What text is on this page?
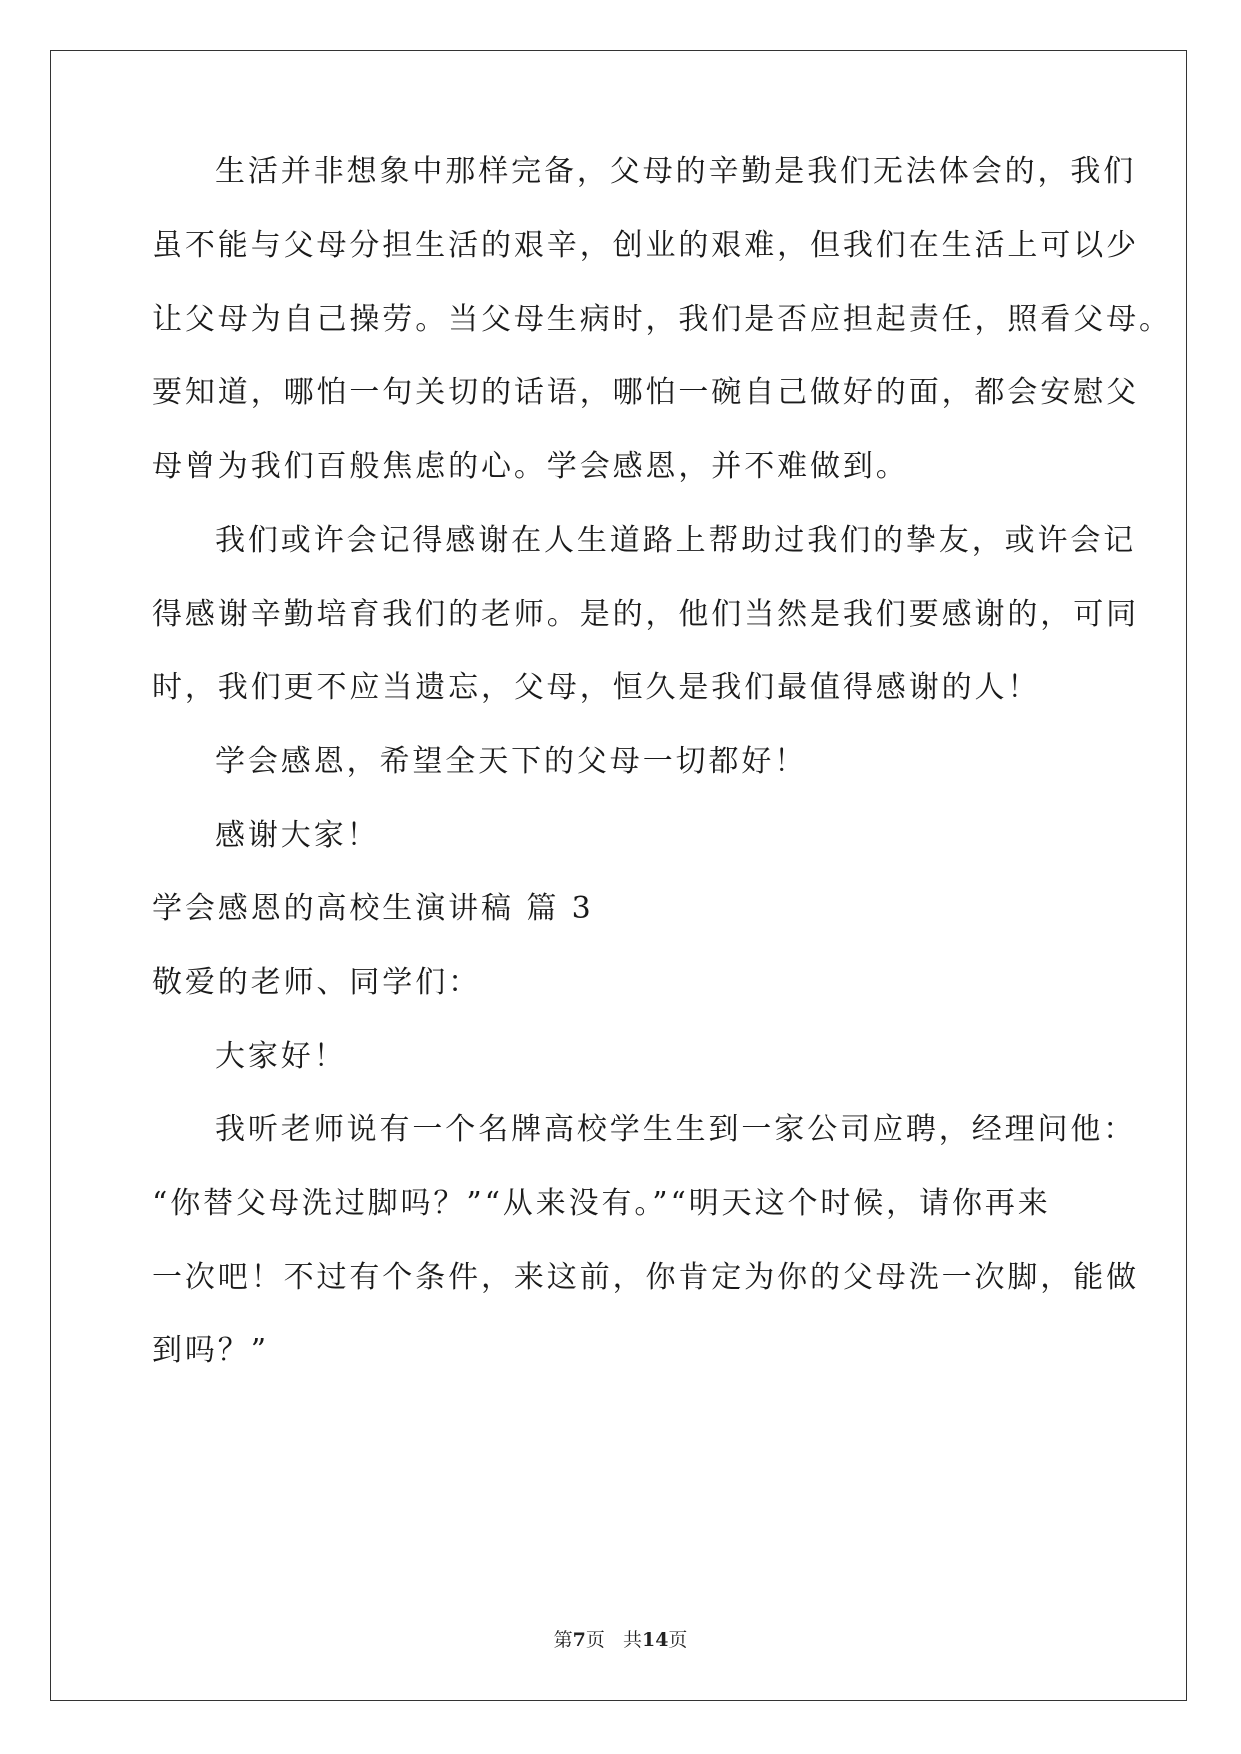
生活并非想象中那样完备，父母的辛勤是我们无法体会的，我们
虽不能与父母分担生活的艰辛，创业的艰难，但我们在生活上可以少
让父母为自己操劳。当父母生病时，我们是否应担起责任，照看父母。
要知道，哪怕一句关切的话语，哪怕一碗自己做好的面，都会安慰父
母曾为我们百般焦虑的心。学会感恩，并不难做到。
我们或许会记得感谢在人生道路上帮助过我们的挚友，或许会记
得感谢辛勤培育我们的老师。是的，他们当然是我们要感谢的，可同
时，我们更不应当遗忘，父母，恒久是我们最值得感谢的人！
学会感恩，希望全天下的父母一切都好！
感谢大家！
学会感恩的高校生演讲稿 篇 3
敬爱的老师、同学们：
大家好！
我听老师说有一个名牌高校学生生到一家公司应聘，经理问他：
“你替父母洗过脚吗？”“从来没有。”“明天这个时候，请你再来
一次吧！不过有个条件，来这前，你肯定为你的父母洗一次脚，能做
到吗？”
第7页 共14页
